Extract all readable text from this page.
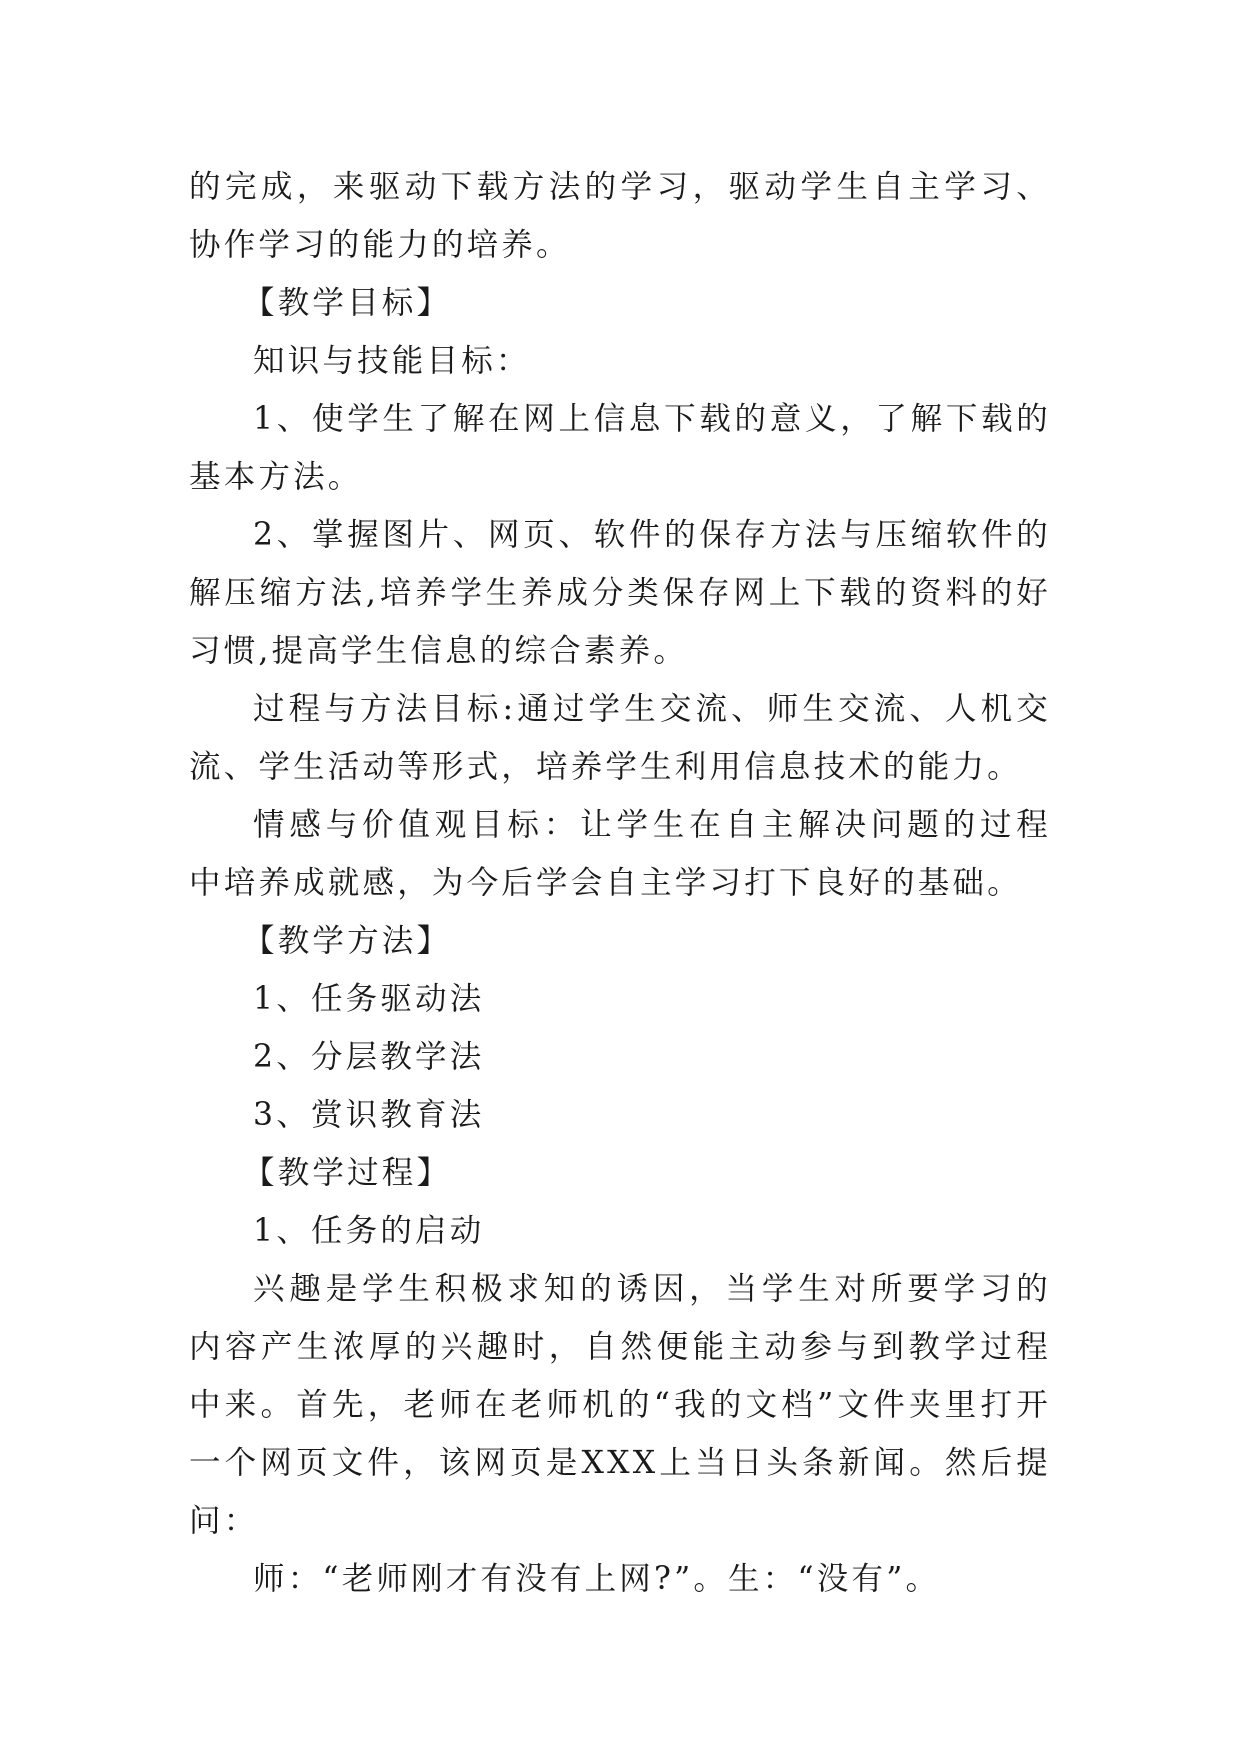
的完成，来驱动下载方法的学习，驱动学生自主学习、协作学习的能力的培养。

【教学目标】

知识与技能目标：

1、使学生了解在网上信息下载的意义，了解下载的基本方法。

2、掌握图片、网页、软件的保存方法与压缩软件的解压缩方法,培养学生养成分类保存网上下载的资料的好习惯,提高学生信息的综合素养。

过程与方法目标:通过学生交流、师生交流、人机交流、学生活动等形式，培养学生利用信息技术的能力。

情感与价值观目标：让学生在自主解决问题的过程中培养成就感，为今后学会自主学习打下良好的基础。

【教学方法】

1、任务驱动法

2、分层教学法

3、赏识教育法

【教学过程】

1、任务的启动

兴趣是学生积极求知的诱因，当学生对所要学习的内容产生浓厚的兴趣时，自然便能主动参与到教学过程中来。首先，老师在老师机的“我的文档”文件夹里打开一个网页文件，该网页是XXX上当日头条新闻。然后提问：

师：“老师刚才有没有上网?”。生：“没有”。
